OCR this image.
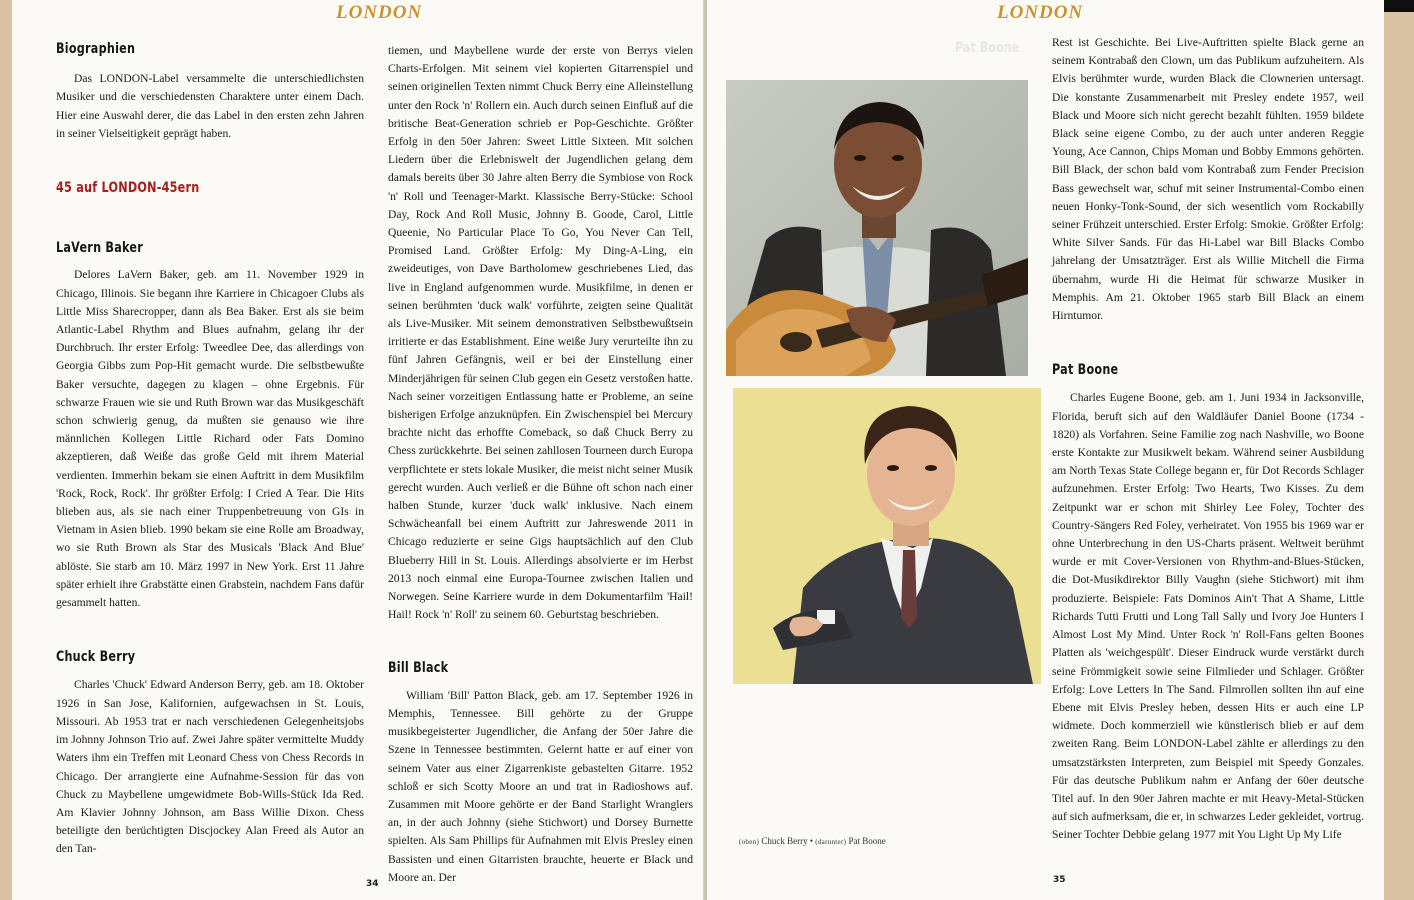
LONDON
Biographien

Das LONDON-Label versammelte die unterschiedlichsten Musiker und die verschiedensten Charaktere unter einem Dach. Hier eine Auswahl derer, die das Label in den ersten zehn Jahren in seiner Vielseitigkeit geprägt haben.

45 auf LONDON-45ern
LaVern Baker

Delores LaVern Baker, geb. am 11. November 1929 in Chicago, Illinois. Sie begann ihre Karriere in Chicagoer Clubs als Little Miss Sharecropper, dann als Bea Baker. Erst als sie beim Atlantic-Label Rhythm and Blues aufnahm, gelang ihr der Durchbruch. Ihr erster Erfolg: Tweedlee Dee, das allerdings von Georgia Gibbs zum Pop-Hit gemacht wurde. Die selbstbewußte Baker versuchte, dagegen zu klagen – ohne Ergebnis. Für schwarze Frauen wie sie und Ruth Brown war das Musikgeschäft schon schwierig genug, da mußten sie genauso wie ihre männlichen Kollegen Little Richard oder Fats Domino akzeptieren, daß Weiße das große Geld mit ihrem Material verdienten. Immerhin bekam sie einen Auftritt in dem Musikfilm 'Rock, Rock, Rock'. Ihr größter Erfolg: I Cried A Tear. Die Hits blieben aus, als sie nach einer Truppenbetreuung von GIs in Vietnam in Asien blieb. 1990 bekam sie eine Rolle am Broadway, wo sie Ruth Brown als Star des Musicals 'Black And Blue' ablöste. Sie starb am 10. März 1997 in New York. Erst 11 Jahre später erhielt ihre Grabstätte einen Grabstein, nachdem Fans dafür gesammelt hatten.

Chuck Berry

Charles 'Chuck' Edward Anderson Berry, geb. am 18. Oktober 1926 in San Jose, Kalifornien, aufgewachsen in St. Louis, Missouri. Ab 1953 trat er nach verschiedenen Gelegenheitsjobs im Johnny Johnson Trio auf. Zwei Jahre später vermittelte Muddy Waters ihm ein Treffen mit Leonard Chess von Chess Records in Chicago. Der arrangierte eine Aufnahme-Session für das von Chuck zu Maybellene umgewidmete Bob-Wills-Stück Ida Red. Am Klavier Johnny Johnson, am Bass Willie Dixon. Chess beteiligte den berüchtigten Discjockey Alan Freed als Autor an den Tan-

tiemen, und Maybellene wurde der erste von Berrys vielen Charts-Erfolgen. Mit seinem viel kopierten Gitarrenspiel und seinen originellen Texten nimmt Chuck Berry eine Alleinstellung unter den Rock 'n' Rollern ein. Auch durch seinen Einfluß auf die britische Beat-Generation schrieb er Pop-Geschichte. Größter Erfolg in den 50er Jahren: Sweet Little Sixteen. Mit solchen Liedern über die Erlebniswelt der Jugendlichen gelang dem damals bereits über 30 Jahre alten Berry die Symbiose von Rock 'n' Roll und Teenager-Markt. Klassische Berry-Stücke: School Day, Rock And Roll Music, Johnny B. Goode, Carol, Little Queenie, No Particular Place To Go, You Never Can Tell, Promised Land. Größter Erfolg: My Ding-A-Ling, ein zweideutiges, von Dave Bartholomew geschriebenes Lied, das live in England aufgenommen wurde. Musikfilme, in denen er seinen berühmten 'duck walk' vorführte, zeigten seine Qualität als Live-Musiker. Mit seinem demonstrativen Selbstbewußtsein irritierte er das Establishment. Eine weiße Jury verurteilte ihn zu fünf Jahren Gefängnis, weil er bei der Einstellung einer Minderjährigen für seinen Club gegen ein Gesetz verstoßen hatte. Nach seiner vorzeitigen Entlassung hatte er Probleme, an seine bisherigen Erfolge anzuknüpfen. Ein Zwischenspiel bei Mercury brachte nicht das erhoffte Comeback, so daß Chuck Berry zu Chess zurückkehrte. Bei seinen zahllosen Tourneen durch Europa verpflichtete er stets lokale Musiker, die meist nicht seiner Musik gerecht wurden. Auch verließ er die Bühne oft schon nach einer halben Stunde, kurzer 'duck walk' inklusive. Nach einem Schwächeanfall bei einem Auftritt zur Jahreswende 2011 in Chicago reduzierte er seine Gigs hauptsächlich auf den Club Blueberry Hill in St. Louis. Allerdings absolvierte er im Herbst 2013 noch einmal eine Europa-Tournee zwischen Italien und Norwegen. Seine Karriere wurde in dem Dokumentarfilm 'Hail! Hail! Rock 'n' Roll' zu seinem 60. Geburtstag beschrieben.

Bill Black

William 'Bill' Patton Black, geb. am 17. September 1926 in Memphis, Tennessee. Bill gehörte zu der Gruppe musikbegeisterter Jugendlicher, die Anfang der 50er Jahre die Szene in Tennessee bestimmten. Gelernt hatte er auf einer von seinem Vater aus einer Zigarrenkiste gebastelten Gitarre. 1952 schloß er sich Scotty Moore an und trat in Radioshows auf. Zusammen mit Moore gehörte er der Band Starlight Wranglers an, in der auch Johnny (siehe Stichwort) und Dorsey Burnette spielten. Als Sam Phillips für Aufnahmen mit Elvis Presley einen Bassisten und einen Gitarristen brauchte, heuerte er Black und Moore an. Der

34
LONDON
Pat Boone
(oben) Chuck Berry • (darunter) Pat Boone

Rest ist Geschichte. Bei Live-Auftritten spielte Black gerne an seinem Kontrabaß den Clown, um das Publikum aufzuheitern. Als Elvis berühmter wurde, wurden Black die Clownerien untersagt. Die konstante Zusammenarbeit mit Presley endete 1957, weil Black und Moore sich nicht gerecht bezahlt fühlten. 1959 bildete Black seine eigene Combo, zu der auch unter anderen Reggie Young, Ace Cannon, Chips Moman und Bobby Emmons gehörten. Bill Black, der schon bald vom Kontrabaß zum Fender Precision Bass gewechselt war, schuf mit seiner Instrumental-Combo einen neuen Honky-Tonk-Sound, der sich wesentlich vom Rockabilly seiner Frühzeit unterschied. Erster Erfolg: Smokie. Größter Erfolg: White Silver Sands. Für das Hi-Label war Bill Blacks Combo jahrelang der Umsatzträger. Erst als Willie Mitchell die Firma übernahm, wurde Hi die Heimat für schwarze Musiker in Memphis. Am 21. Oktober 1965 starb Bill Black an einem Hirntumor.

Pat Boone

Charles Eugene Boone, geb. am 1. Juni 1934 in Jacksonville, Florida, beruft sich auf den Waldläufer Daniel Boone (1734 - 1820) als Vorfahren. Seine Familie zog nach Nashville, wo Boone erste Kontakte zur Musikwelt bekam. Während seiner Ausbildung am North Texas State College begann er, für Dot Records Schlager aufzunehmen. Erster Erfolg: Two Hearts, Two Kisses. Zu dem Zeitpunkt war er schon mit Shirley Lee Foley, Tochter des Country-Sängers Red Foley, verheiratet. Von 1955 bis 1969 war er ohne Unterbrechung in den US-Charts präsent. Weltweit berühmt wurde er mit Cover-Versionen von Rhythm-and-Blues-Stücken, die Dot-Musikdirektor Billy Vaughn (siehe Stichwort) mit ihm produzierte. Beispiele: Fats Dominos Ain't That A Shame, Little Richards Tutti Frutti und Long Tall Sally und Ivory Joe Hunters I Almost Lost My Mind. Unter Rock 'n' Roll-Fans gelten Boones Platten als 'weichgespült'. Dieser Eindruck wurde verstärkt durch seine Frömmigkeit sowie seine Filmlieder und Schlager. Größter Erfolg: Love Letters In The Sand. Filmrollen sollten ihn auf eine Ebene mit Elvis Presley heben, dessen Hits er auch eine LP widmete. Doch kommerziell wie künstlerisch blieb er auf dem zweiten Rang. Beim LONDON-Label zählte er allerdings zu den umsatzstärksten Interpreten, zum Beispiel mit Speedy Gonzales. Für das deutsche Publikum nahm er Anfang der 60er deutsche Titel auf. In den 90er Jahren machte er mit Heavy-Metal-Stücken auf sich aufmerksam, die er, in schwarzes Leder gekleidet, vortrug. Seiner Tochter Debbie gelang 1977 mit You Light Up My Life

35
